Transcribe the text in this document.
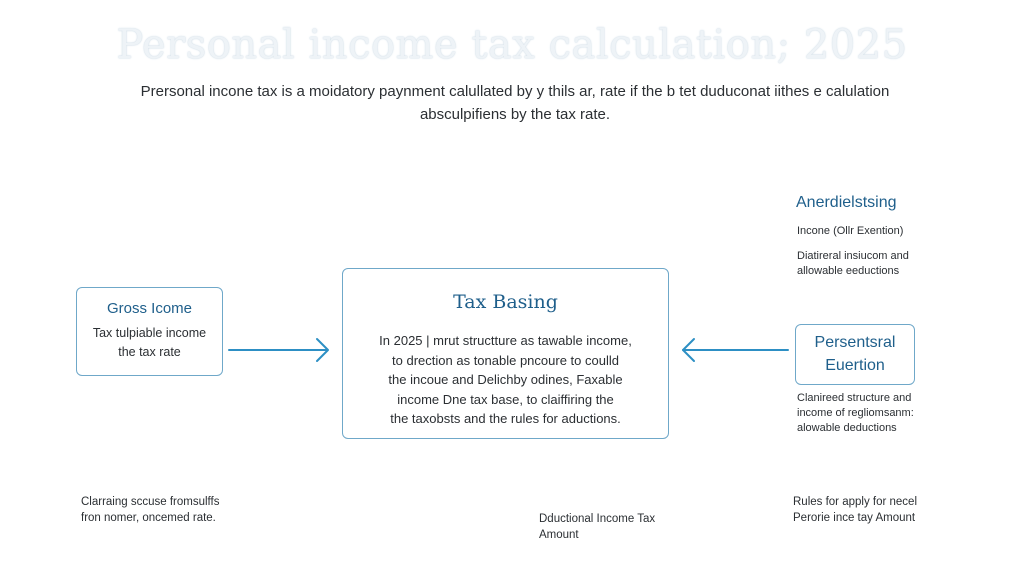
Personal income tax calculation; 2025
Prersonal incone tax is a moidatory paynment calullated by y thils ar, rate if the b tet duduconat iithes e calulation
absculpifiens by the tax rate.
Gross Icome
Tax tulpiable income
the tax rate
Tax Basing
In 2025 | mrut structture as tawable income,
to drection as tonable pncoure to coulld
the incoue and Delichby odines, Faxable
income Dne tax base, to claiffiring the
the taxobsts and the rules for aductions.
Anerdielstsing
Incone (Ollr Exention)
Diatireral insiucom and
allowable eeductions
Persentsral
Euertion
Clanireed structure and
income of regliomsanm:
alowable deductions
Clarraing sccuse fromsulffs
fron nomer, oncemed rate.	Dductional Income Tax
Amount
Rules for apply for necel
Perorie ince tay Amount
